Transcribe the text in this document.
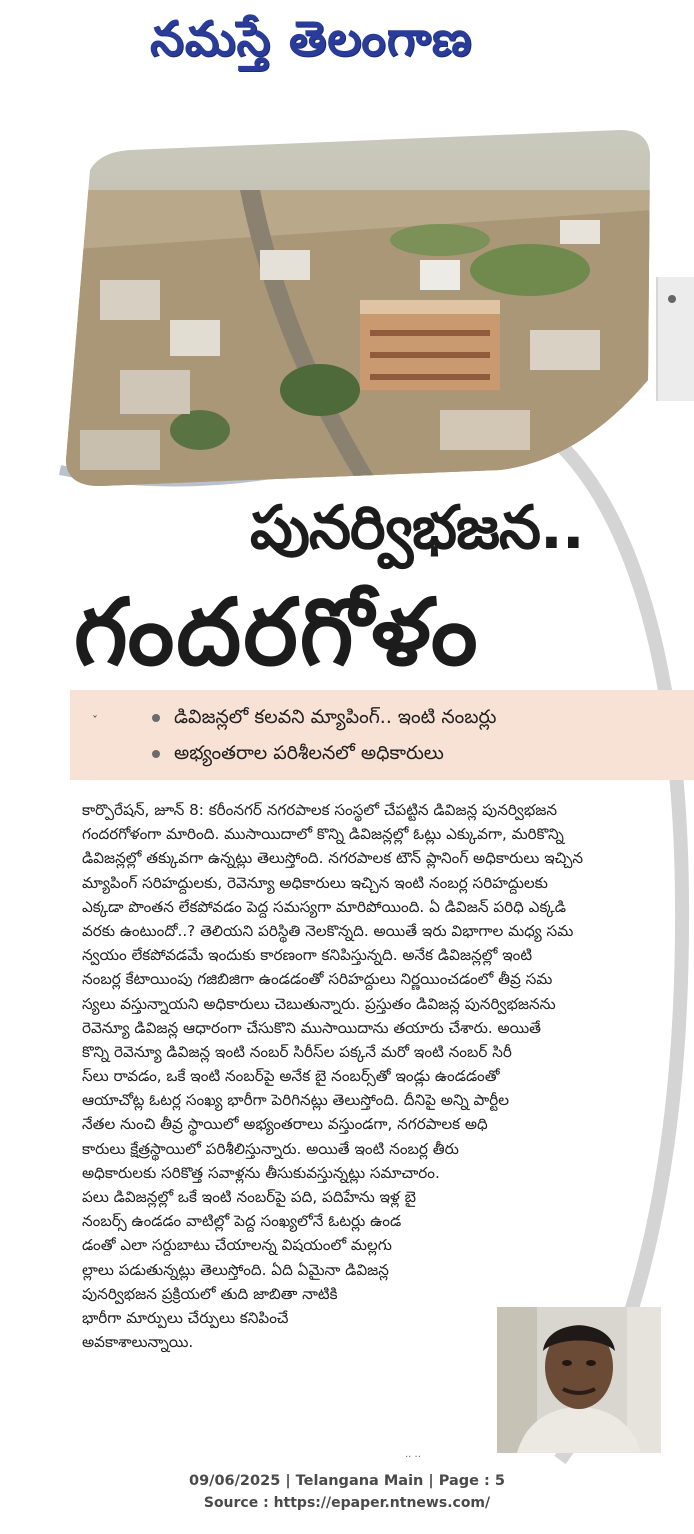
నమస్తే తెలంగాణ
పునర్విభజన..
గందరగోళం
ˇ	డివిజన్లలో కలవని మ్యాపింగ్.. ఇంటి నంబర్లు
అభ్యంతరాల పరిశీలనలో అధికారులు
కార్పొరేషన్, జూన్ 8: కరీంనగర్ నగరపాలక సంస్థలో చేపట్టిన డివిజన్ల పునర్విభజన
గందరగోళంగా మారింది. ముసాయిదాలో కొన్ని డివిజన్లల్లో ఓట్లు ఎక్కువగా, మరికొన్ని
డివిజన్లల్లో తక్కువగా ఉన్నట్లు తెలుస్తోంది. నగరపాలక టౌన్ ప్లానింగ్ అధికారులు ఇచ్చిన
మ్యాపింగ్ సరిహద్దులకు, రెవెన్యూ అధికారులు ఇచ్చిన ఇంటి నంబర్ల సరిహద్దులకు
ఎక్కడా పొంతన లేకపోవడం పెద్ద సమస్యగా మారిపోయింది. ఏ డివిజన్ పరిధి ఎక్కడి
వరకు ఉంటుందో..? తెలియని పరిస్థితి నెలకొన్నది. అయితే ఇరు విభాగాల మధ్య సమ
న్వయం లేకపోవడమే ఇందుకు కారణంగా కనిపిస్తున్నది. అనేక డివిజన్లల్లో ఇంటి
నంబర్ల కేటాయింపు గజిబిజిగా ఉండడంతో సరిహద్దులు నిర్ణయించడంలో తీవ్ర సమ
స్యలు వస్తున్నాయని అధికారులు చెబుతున్నారు. ప్రస్తుతం డివిజన్ల పునర్విభజనను
రెవెన్యూ డివిజన్ల ఆధారంగా చేసుకొని ముసాయిదాను తయారు చేశారు. అయితే
కొన్ని రెవెన్యూ డివిజన్ల ఇంటి నంబర్ సిరీస్‌ల పక్కనే మరో ఇంటి నంబర్ సిరీ
స్‌లు రావడం, ఒకే ఇంటి నంబర్‌పై అనేక బై నంబర్స్‌తో ఇండ్లు ఉండడంతో
ఆయాచోట్ల ఓటర్ల సంఖ్య భారీగా పెరిగినట్లు తెలుస్తోంది. దీనిపై అన్ని పార్టీల
నేతల నుంచి తీవ్ర స్థాయిలో అభ్యంతరాలు వస్తుండగా, నగరపాలక అధి
కారులు క్షేత్రస్థాయిలో పరిశీలిస్తున్నారు. అయితే ఇంటి నంబర్ల తీరు
అధికారులకు సరికొత్త సవాళ్లను తీసుకువస్తున్నట్లు సమాచారం.
పలు డివిజన్లల్లో ఒకే ఇంటి నంబర్‌పై పది, పదిహేను ఇళ్ల బై
నంబర్స్ ఉండడం వాటిల్లో పెద్ద సంఖ్యలోనే ఓటర్లు ఉండ
డంతో ఎలా సర్దుబాటు చేయాలన్న విషయంలో మల్లగు
ల్లాలు పడుతున్నట్లు తెలుస్తోంది. ఏది ఏమైనా డివిజన్ల
పునర్విభజన ప్రక్రియలో తుది జాబితా నాటికి
భారీగా మార్పులు చేర్పులు కనిపించే
అవకాశాలున్నాయి.
·· ··
09/06/2025 | Telangana Main | Page : 5
Source : https://epaper.ntnews.com/
